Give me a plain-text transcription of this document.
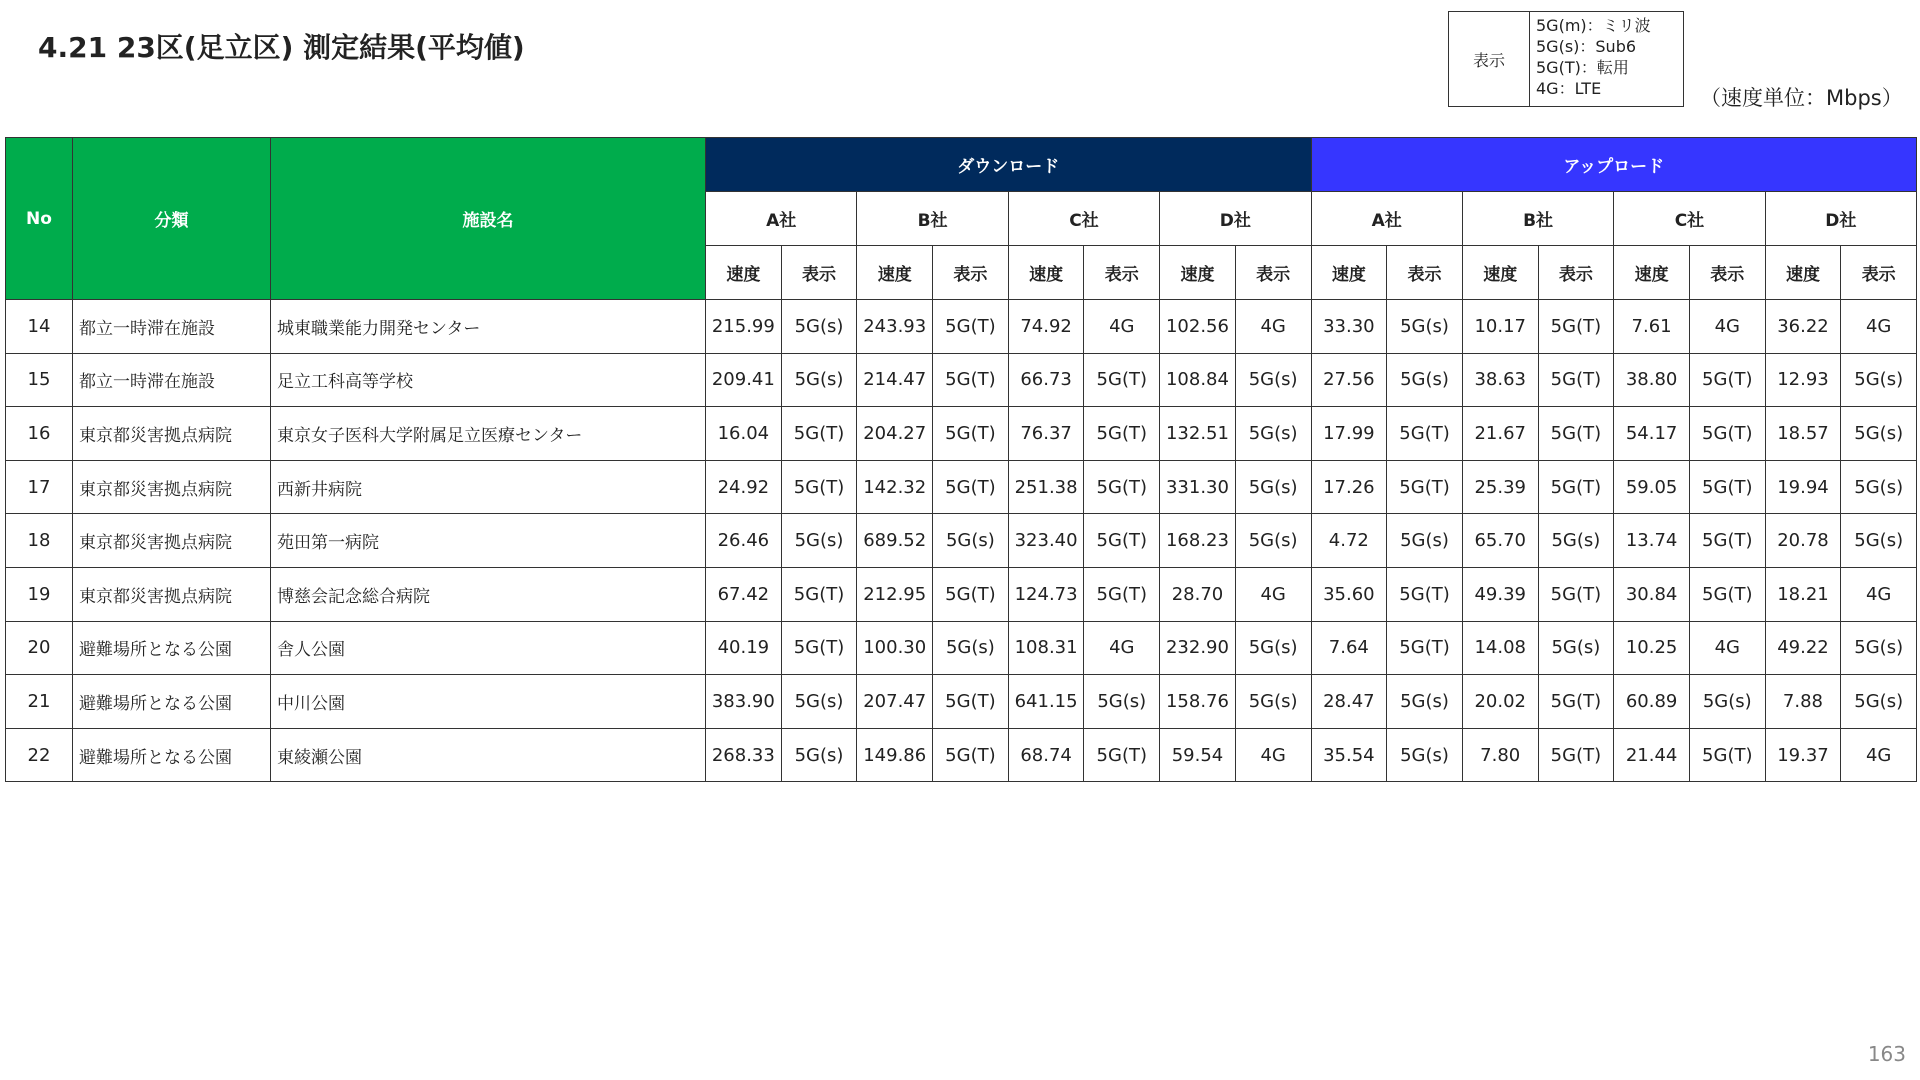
4.21 23区(足立区) 測定結果(平均値)	表示
5G(m)：ミリ波
5G(s)：Sub6
5G(T)：転用
4G：LTE	（速度単位：Mbps）
No	分類	施設名	ダウンロード								アップロード							
			A社		B社		C社		D社		A社		B社		C社		D社	
			速度	表示	速度	表示	速度	表示	速度	表示	速度	表示	速度	表示	速度	表示	速度	表示
14	都立一時滞在施設	城東職業能力開発センター	215.99	5G(s)	243.93	5G(T)	74.92	4G	102.56	4G	33.30	5G(s)	10.17	5G(T)	7.61	4G	36.22	4G
15	都立一時滞在施設	足立工科高等学校	209.41	5G(s)	214.47	5G(T)	66.73	5G(T)	108.84	5G(s)	27.56	5G(s)	38.63	5G(T)	38.80	5G(T)	12.93	5G(s)
16	東京都災害拠点病院	東京女子医科大学附属足立医療センター	16.04	5G(T)	204.27	5G(T)	76.37	5G(T)	132.51	5G(s)	17.99	5G(T)	21.67	5G(T)	54.17	5G(T)	18.57	5G(s)
17	東京都災害拠点病院	西新井病院	24.92	5G(T)	142.32	5G(T)	251.38	5G(T)	331.30	5G(s)	17.26	5G(T)	25.39	5G(T)	59.05	5G(T)	19.94	5G(s)
18	東京都災害拠点病院	苑田第一病院	26.46	5G(s)	689.52	5G(s)	323.40	5G(T)	168.23	5G(s)	4.72	5G(s)	65.70	5G(s)	13.74	5G(T)	20.78	5G(s)
19	東京都災害拠点病院	博慈会記念総合病院	67.42	5G(T)	212.95	5G(T)	124.73	5G(T)	28.70	4G	35.60	5G(T)	49.39	5G(T)	30.84	5G(T)	18.21	4G
20	避難場所となる公園	舎人公園	40.19	5G(T)	100.30	5G(s)	108.31	4G	232.90	5G(s)	7.64	5G(T)	14.08	5G(s)	10.25	4G	49.22	5G(s)
21	避難場所となる公園	中川公園	383.90	5G(s)	207.47	5G(T)	641.15	5G(s)	158.76	5G(s)	28.47	5G(s)	20.02	5G(T)	60.89	5G(s)	7.88	5G(s)
22	避難場所となる公園	東綾瀬公園	268.33	5G(s)	149.86	5G(T)	68.74	5G(T)	59.54	4G	35.54	5G(s)	7.80	5G(T)	21.44	5G(T)	19.37	4G
163
